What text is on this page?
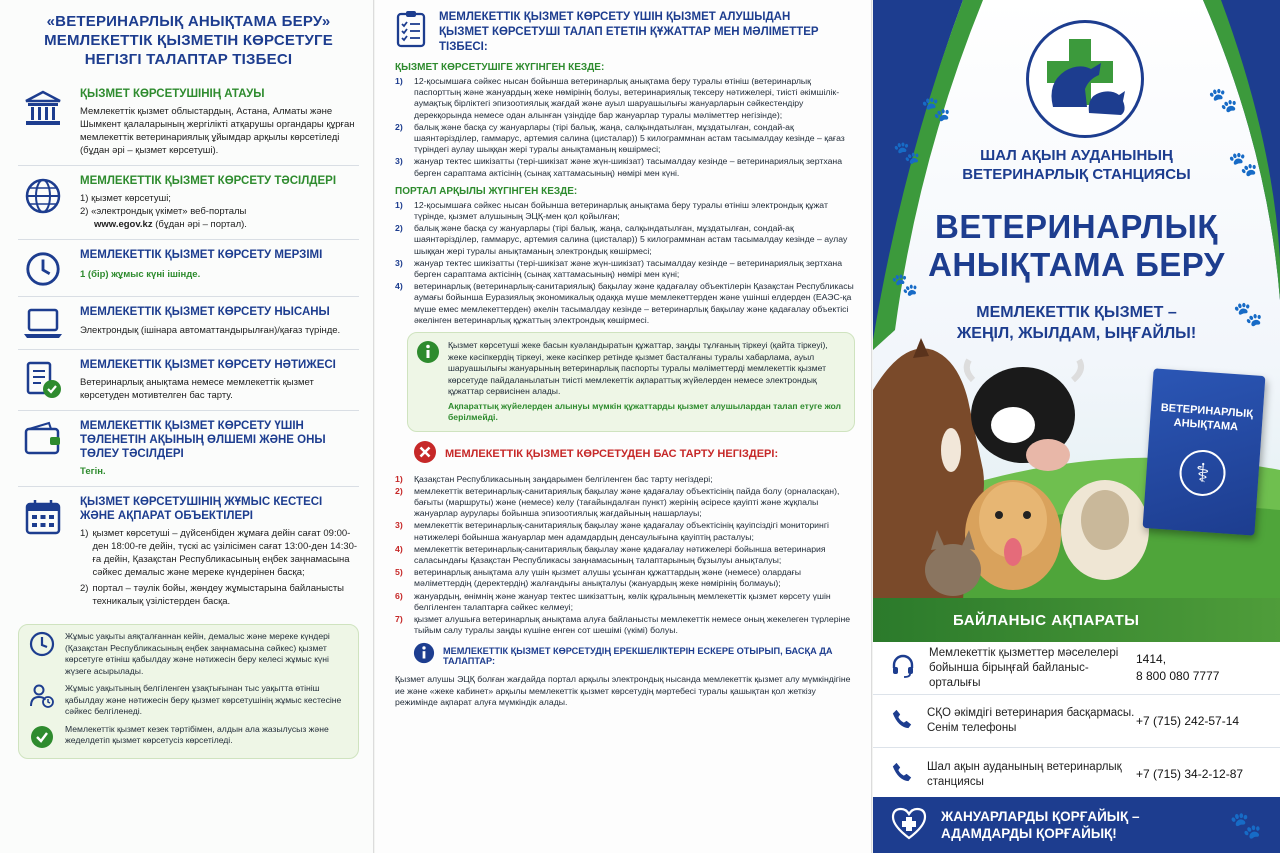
«ВЕТЕРИНАРЛЫҚ АНЫҚТАМА БЕРУ»
МЕМЛЕКЕТТІК ҚЫЗМЕТІН КӨРСЕТУГЕ
НЕГІЗГІ ТАЛАПТАР ТІЗБЕСІ
ҚЫЗМЕТ КӨРСЕТУШІНІҢ АТАУЫ

Мемлекеттік қызмет облыстардың, Астана, Алматы және Шымкент қалаларының жергілікті атқарушы органдары құрған мемлекеттік ветеринариялық ұйымдар арқылы көрсетіледі (бұдан әрі – қызмет көрсетуші).

МЕМЛЕКЕТТІК ҚЫЗМЕТ КӨРСЕТУ ТӘСІЛДЕРІ
1) қызмет көрсетуші;
2) «электрондық үкімет» веб-порталы
www.egov.kz (бұдан әрі – портал).
МЕМЛЕКЕТТІК ҚЫЗМЕТ КӨРСЕТУ МЕРЗІМІ

1 (бір) жұмыс күні ішінде.

МЕМЛЕКЕТТІК ҚЫЗМЕТ КӨРСЕТУ НЫСАНЫ

Электрондық (ішінара автоматтандырылған)/қағаз түрінде.

МЕМЛЕКЕТТІК ҚЫЗМЕТ КӨРСЕТУ НӘТИЖЕСІ

Ветеринарлық анықтама немесе мемлекеттік қызмет көрсетуден мотивтелген бас тарту.

МЕМЛЕКЕТТІК ҚЫЗМЕТ КӨРСЕТУ ҮШІН ТӨЛЕНЕТІН АҚЫНЫҢ ӨЛШЕМІ ЖӘНЕ ОНЫ ТӨЛЕУ ТӘСІЛДЕРІ

Тегін.

ҚЫЗМЕТ КӨРСЕТУШІНІҢ ЖҰМЫС КЕСТЕСІ ЖӘНЕ АҚПАРАТ ОБЪЕКТІЛЕРІ
1) қызмет көрсетуші – дүйсенбіден жұмаға дейін сағат 09:00-ден 18:00-ге дейін, түскі ас үзілісімен сағат 13:00-ден 14:30-ға дейін, Қазақстан Республикасының еңбек заңнамасына сәйкес демалыс және мереке күндерінен басқа;
2) портал – тәулік бойы, жөндеу жұмыстарына байланысты техникалық үзілістерден басқа.
Жұмыс уақыты аяқталғаннан кейін, демалыс және мереке күндері (Қазақстан Республикасының еңбек заңнамасына сәйкес) қызмет көрсетуге өтініш қабылдау және нәтижесін беру келесі жұмыс күні жүзеге асырылады.
Жұмыс уақытының белгіленген ұзақтығынан тыс уақытта өтініш қабылдау және нәтижесін беру қызмет көрсетушінің жұмыс кестесіне сәйкес белгіленеді.
Мемлекеттік қызмет кезек тәртібімен, алдын ала жазылусыз және жеделдетіп қызмет көрсетусіз көрсетіледі.
МЕМЛЕКЕТТІК ҚЫЗМЕТ КӨРСЕТУ ҮШІН ҚЫЗМЕТ АЛУШЫДАН
ҚЫЗМЕТ КӨРСЕТУШІ ТАЛАП ЕТЕТІН ҚҰЖАТТАР МЕН МӘЛІМЕТТЕР ТІЗБЕСІ:
ҚЫЗМЕТ КӨРСЕТУШІГЕ ЖҮГІНГЕН КЕЗДЕ:
1)	12-қосымшаға сәйкес нысан бойынша ветеринарлық анықтама беру туралы өтініш (ветеринарлық паспорттың және жануардың жеке нөмірінің болуы, ветеринариялық тексеру нәтижелері, тиісті әкімшілік-аумақтық бірліктегі эпизоотиялық жағдай және ауыл шаруашылығы жануарларын сәйкестендіру дерекқорында немесе одан алынған үзіндіде бар жануарлар туралы мәліметтер негізінде);
2)	балық және басқа су жануарлары (тірі балық, жаңа, салқындатылған, мұздатылған, сондай-ақ шаянтәрізділер, гаммарус, артемия салина (цисталар)) 5 килограммнан астам тасымалдау кезінде – қағаз түріндегі аулау шыққан жері туралы анықтаманың көшірмесі;
3)	жануар тектес шикізатты (тері-шикізат және жүн-шикізат) тасымалдау кезінде – ветеринариялық зертхана берген сараптама актісінің (сынақ хаттамасының) нөмірі мен күні.
ПОРТАЛ АРҚЫЛЫ ЖҮГІНГЕН КЕЗДЕ:
1)	12-қосымшаға сәйкес нысан бойынша ветеринарлық анықтама беру туралы өтініш электрондық құжат түрінде, қызмет алушының ЭЦҚ-мен қол қойылған;
2)	балық және басқа су жануарлары (тірі балық, жаңа, салқындатылған, мұздатылған, сондай-ақ шаянтәрізділер, гаммарус, артемия салина (цисталар)) 5 килограммнан астам тасымалдау кезінде – аулау шыққан жері туралы анықтаманың электрондық көшірмесі;
3)	жануар тектес шикізатты (тері-шикізат және жүн-шикізат) тасымалдау кезінде – ветеринариялық зертхана берген сараптама актісінің (сынақ хаттамасының) нөмірі мен күні;
4)	ветеринарлық (ветеринарлық-санитариялық) бақылау және қадағалау объектілерін Қазақстан Республикасы аумағы бойынша Еуразиялық экономикалық одаққа мүше мемлекеттерден және үшінші елдерден (ЕАЭС-қа мүше емес мемлекеттерден) әкелін тасымалдау кезінде – ветеринарлық бақылау және қадағалау объектісі әкелінген ветеринарлық құжаттың электрондық көшірмесі.

Қызмет көрсетуші жеке басын куәландыратын құжаттар, заңды тұлғаның тіркеуі (қайта тіркеуі), жеке кәсіпкердің тіркеуі, жеке кәсіпкер ретінде қызмет басталғаны туралы хабарлама, ауыл шаруашылығы жануарының ветеринарлық паспорты туралы мәліметтерді мемлекеттік қызмет көрсетуде пайдаланылатын тиісті мемлекеттік ақпараттық жүйелерден немесе электрондық құжаттар сервисінен алады.

Ақпараттық жүйелерден алынуы мүмкін құжаттарды қызмет алушылардан талап етуге жол берілмейді.

МЕМЛЕКЕТТІК ҚЫЗМЕТ КӨРСЕТУДЕН БАС ТАРТУ НЕГІЗДЕРІ:
1)	Қазақстан Республикасының заңдарымен белгіленген бас тарту негіздері;
2)	мемлекеттік ветеринарлық-санитариялық бақылау және қадағалау объектісінің пайда болу (орналасқан), бағыты (маршруты) және (немесе) келу (тағайындалған пункт) жерінің әсіресе қауіпті және жұқпалы жануарлар аурулары бойынша эпизоотиялық жағдайының нашарлауы;
3)	мемлекеттік ветеринарлық-санитариялық бақылау және қадағалау объектісінің қауіпсіздігі мониторингі нәтижелері бойынша жануарлар мен адамдардың денсаулығына қауіптің расталуы;
4)	мемлекеттік ветеринарлық-санитариялық бақылау және қадағалау нәтижелері бойынша ветеринария саласындағы Қазақстан Республикасы заңнамасының талаптарының бұзылуы анықталуы;
5)	ветеринарлық анықтама алу үшін қызмет алушы ұсынған құжаттардың және (немесе) олардағы мәліметтердің (деректердің) жалғандығы анықталуы (жануардың жеке нөмірінің болмауы);
6)	жануардың, өнімнің және жануар тектес шикізаттың, көлік құралының мемлекеттік қызмет көрсету үшін белгіленген талаптарға сәйкес келмеуі;
7)	қызмет алушыға ветеринарлық анықтама алуға байланысты мемлекеттік немесе оның жекелеген түрлеріне тыйым салу туралы заңды күшіне енген сот шешімі (үкімі) болуы.
МЕМЛЕКЕТТІК ҚЫЗМЕТ КӨРСЕТУДІҢ ЕРЕКШЕЛІКТЕРІН ЕСКЕРЕ ОТЫРЫП, БАСҚА ДА ТАЛАПТАР:

Қызмет алушы ЭЦҚ болған жағдайда портал арқылы электрондық нысанда мемлекеттік қызмет алу мүмкіндігіне ие және «жеке кабинет» арқылы мемлекеттік қызмет көрсетудің мәртебесі туралы қашықтан қол жеткізу режимінде ақпарат алуға мүмкіндік алады.

ШАЛ АҚЫН АУДАНЫНЫҢ
ВЕТЕРИНАРЛЫҚ СТАНЦИЯСЫ
ВЕТЕРИНАРЛЫҚ
АНЫҚТАМА БЕРУ
МЕМЛЕКЕТТІК ҚЫЗМЕТ –
ЖЕҢІЛ, ЖЫЛДАМ, ЫҢҒАЙЛЫ!
🐾
🐾
🐾
🐾
🐾
🐾
ВЕТЕРИНАРЛЫҚ
АНЫҚТАМА
⚕
БАЙЛАНЫС АҚПАРАТЫ
Мемлекеттік қызметтер мәселелері бойынша бірыңғай байланыс-орталығы
1414,
8 800 080 7777
СҚО әкімдігі ветеринария басқармасы. Сенім телефоны
+7 (715) 242-57-14
Шал ақын ауданының ветеринарлық станциясы
+7 (715) 34-2-12-87
ЖАНУАРЛАРДЫ ҚОРҒАЙЫҚ –
АДАМДАРДЫ ҚОРҒАЙЫҚ!	🐾
